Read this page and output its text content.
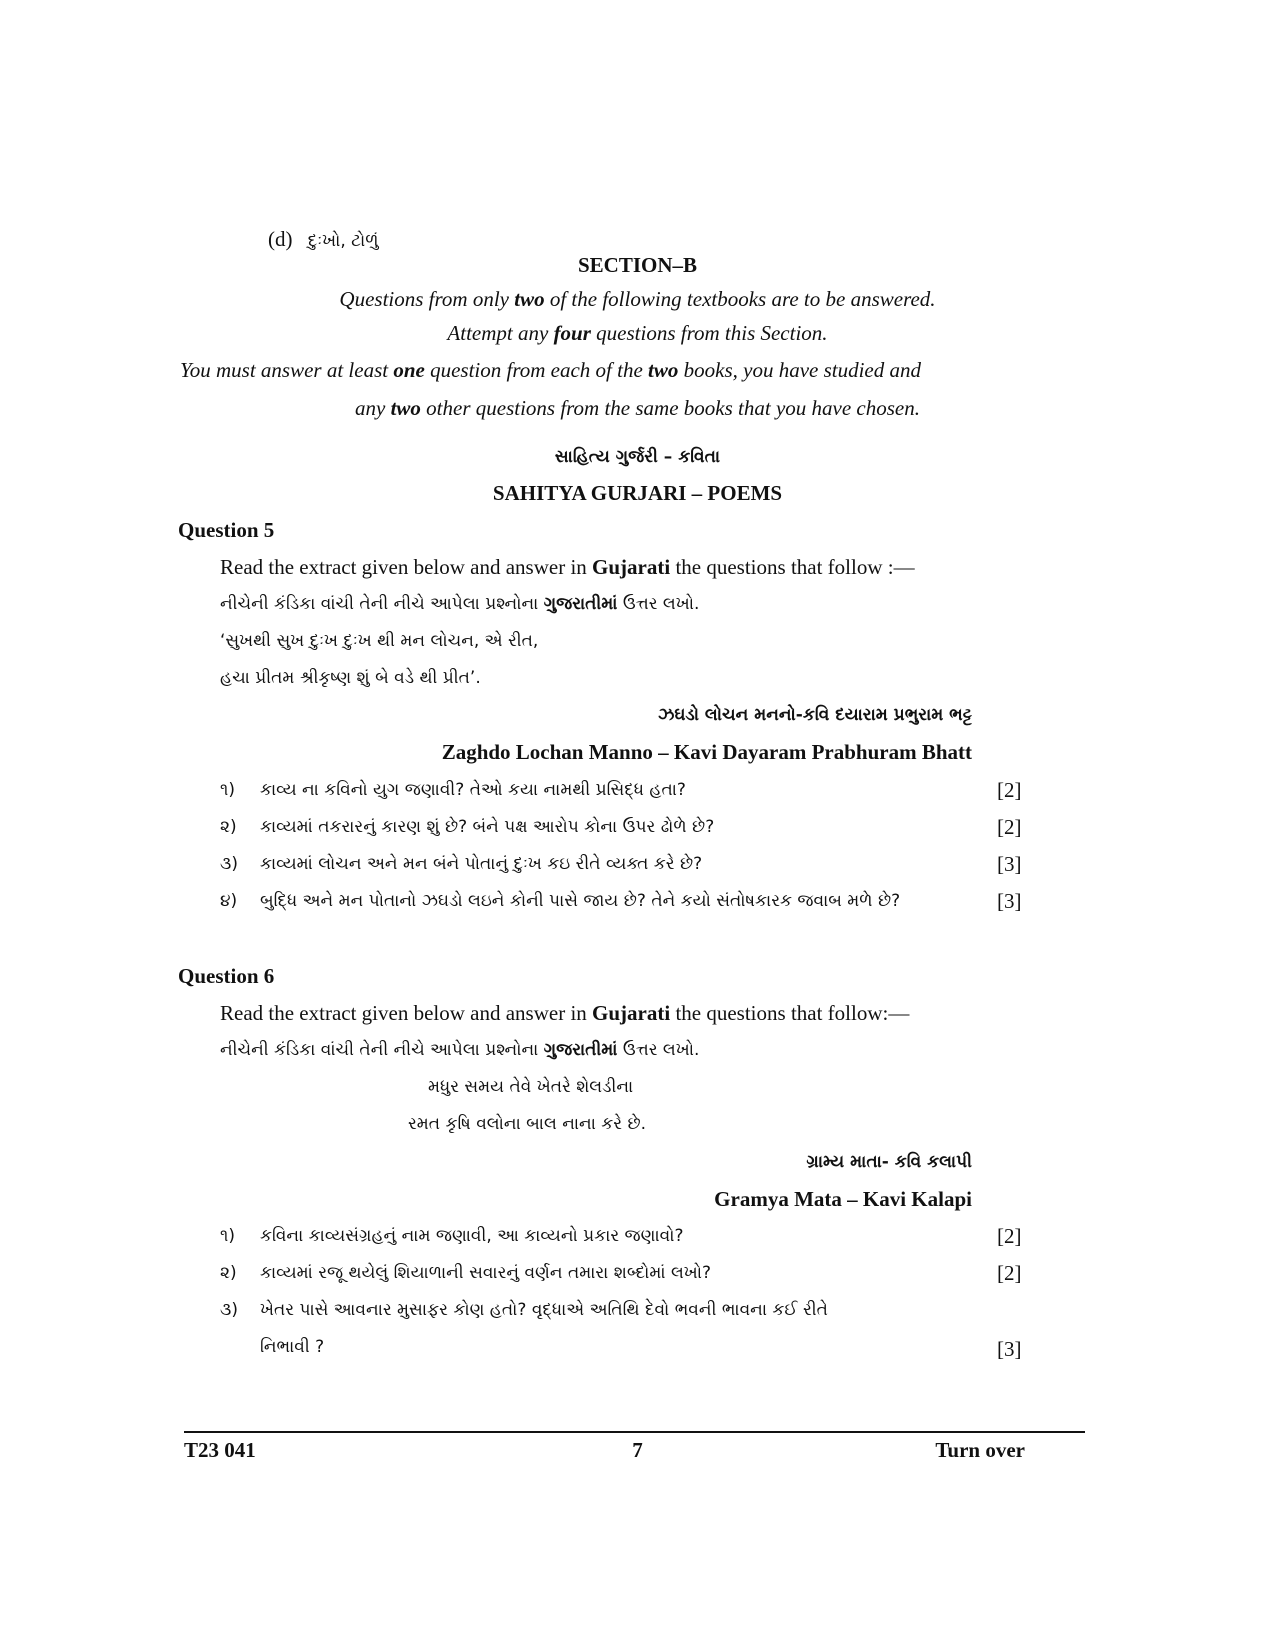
(d) દુઃખો, ટોળું
SECTION–B
Questions from only two of the following textbooks are to be answered.
Attempt any four questions from this Section.
You must answer at least one question from each of the two books, you have studied and
any two other questions from the same books that you have chosen.
સાહિત્ય ગુર્જરી – કવિતા
SAHITYA GURJARI – POEMS
Question 5
Read the extract given below and answer in Gujarati the questions that follow :—
નીચેની કંડિકા વાંચી તેની નીચે આપેલા પ્રશ્નોના ગુજરાતીમાં ઉત્તર લખો.
‘સુખથી સુખ દુઃખ દુઃખ થી મન લોચન, એ રીત,
હચા પ્રીતમ શ્રીકૃષ્ણ શું બે વડે થી પ્રીત’.
ઝઘડો લોચન મનનો-કવિ દયારામ પ્રભુરામ ભટ્ટ
Zaghdo Lochan Manno – Kavi Dayaram Prabhuram Bhatt
૧) કાવ્ય ના કવિનો યુગ જણાવી? તેઓ કયા નામથી પ્રસિદ્ધ હતા?	[2]
૨) કાવ્યમાં તકરારનું કારણ શું છે? બંને પક્ષ આરોપ કોના ઉપર ઢોળે છે?	[2]
૩) કાવ્યમાં લોચન અને મન બંને પોતાનું દુઃખ કઇ રીતે વ્યક્ત કરે છે?	[3]
૪) બુદ્ધિ અને મન પોતાનો ઝઘડો લઇને કોની પાસે જાય છે? તેને કયો સંતોષકારક જવાબ મળે છે?	[3]
Question 6
Read the extract given below and answer in Gujarati the questions that follow:—
નીચેની કંડિકા વાંચી તેની નીચે આપેલા પ્રશ્નોના ગુજરાતીમાં ઉત્તર લખો.
મધુર સમય તેવે ખેતરે શેલડીના
રમત કૃષિ વલોના બાલ નાના કરે છે.
ગ્રામ્ય માતા- કવિ કલાપી
Gramya Mata – Kavi Kalapi
૧) કવિના કાવ્યસંગ્રહનું નામ જણાવી, આ કાવ્યનો પ્રકાર જણાવો?	[2]
૨) કાવ્યમાં રજૂ થયેલું શિયાળાની સવારનું વર્ણન તમારા શબ્દોમાં લખો?	[2]
૩) ખેતર પાસે આવનાર મુસાફર કોણ હતો? વૃદ્ધાએ અતિથિ દેવો ભવની ભાવના કઈ રીતે
નિભાવી ?	[3]
T23 041	7	Turn over
